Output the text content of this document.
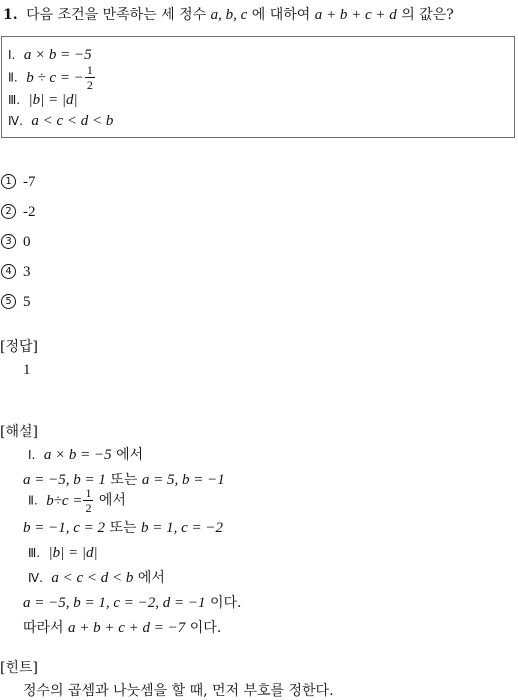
1. 다음 조건을 만족하는 세 정수 a, b, c 에 대하여 a + b + c + d 의 값은?
Ⅰ. a × b = −5
Ⅱ. b ÷ c = − $\frac{1}{2}$
Ⅲ. |b| = |d|
Ⅳ. a < c < d < b
1 -7
2 -2
3 0
4 3
5 5
[정답]
1
[해설]
Ⅰ. a × b = −5 에서
a = −5, b = 1 또는 a = 5, b = −1
Ⅱ. $b\div c = \frac{1}{2}$ 에서
b = −1, c = 2 또는 b = 1, c = −2
Ⅲ. |b| = |d|
Ⅳ. a < c < d < b 에서
a = −5, b = 1, c = −2, d = −1 이다.
따라서 a + b + c + d = −7 이다.
[힌트]
정수의 곱셈과 나눗셈을 할 때, 먼저 부호를 정한다.
